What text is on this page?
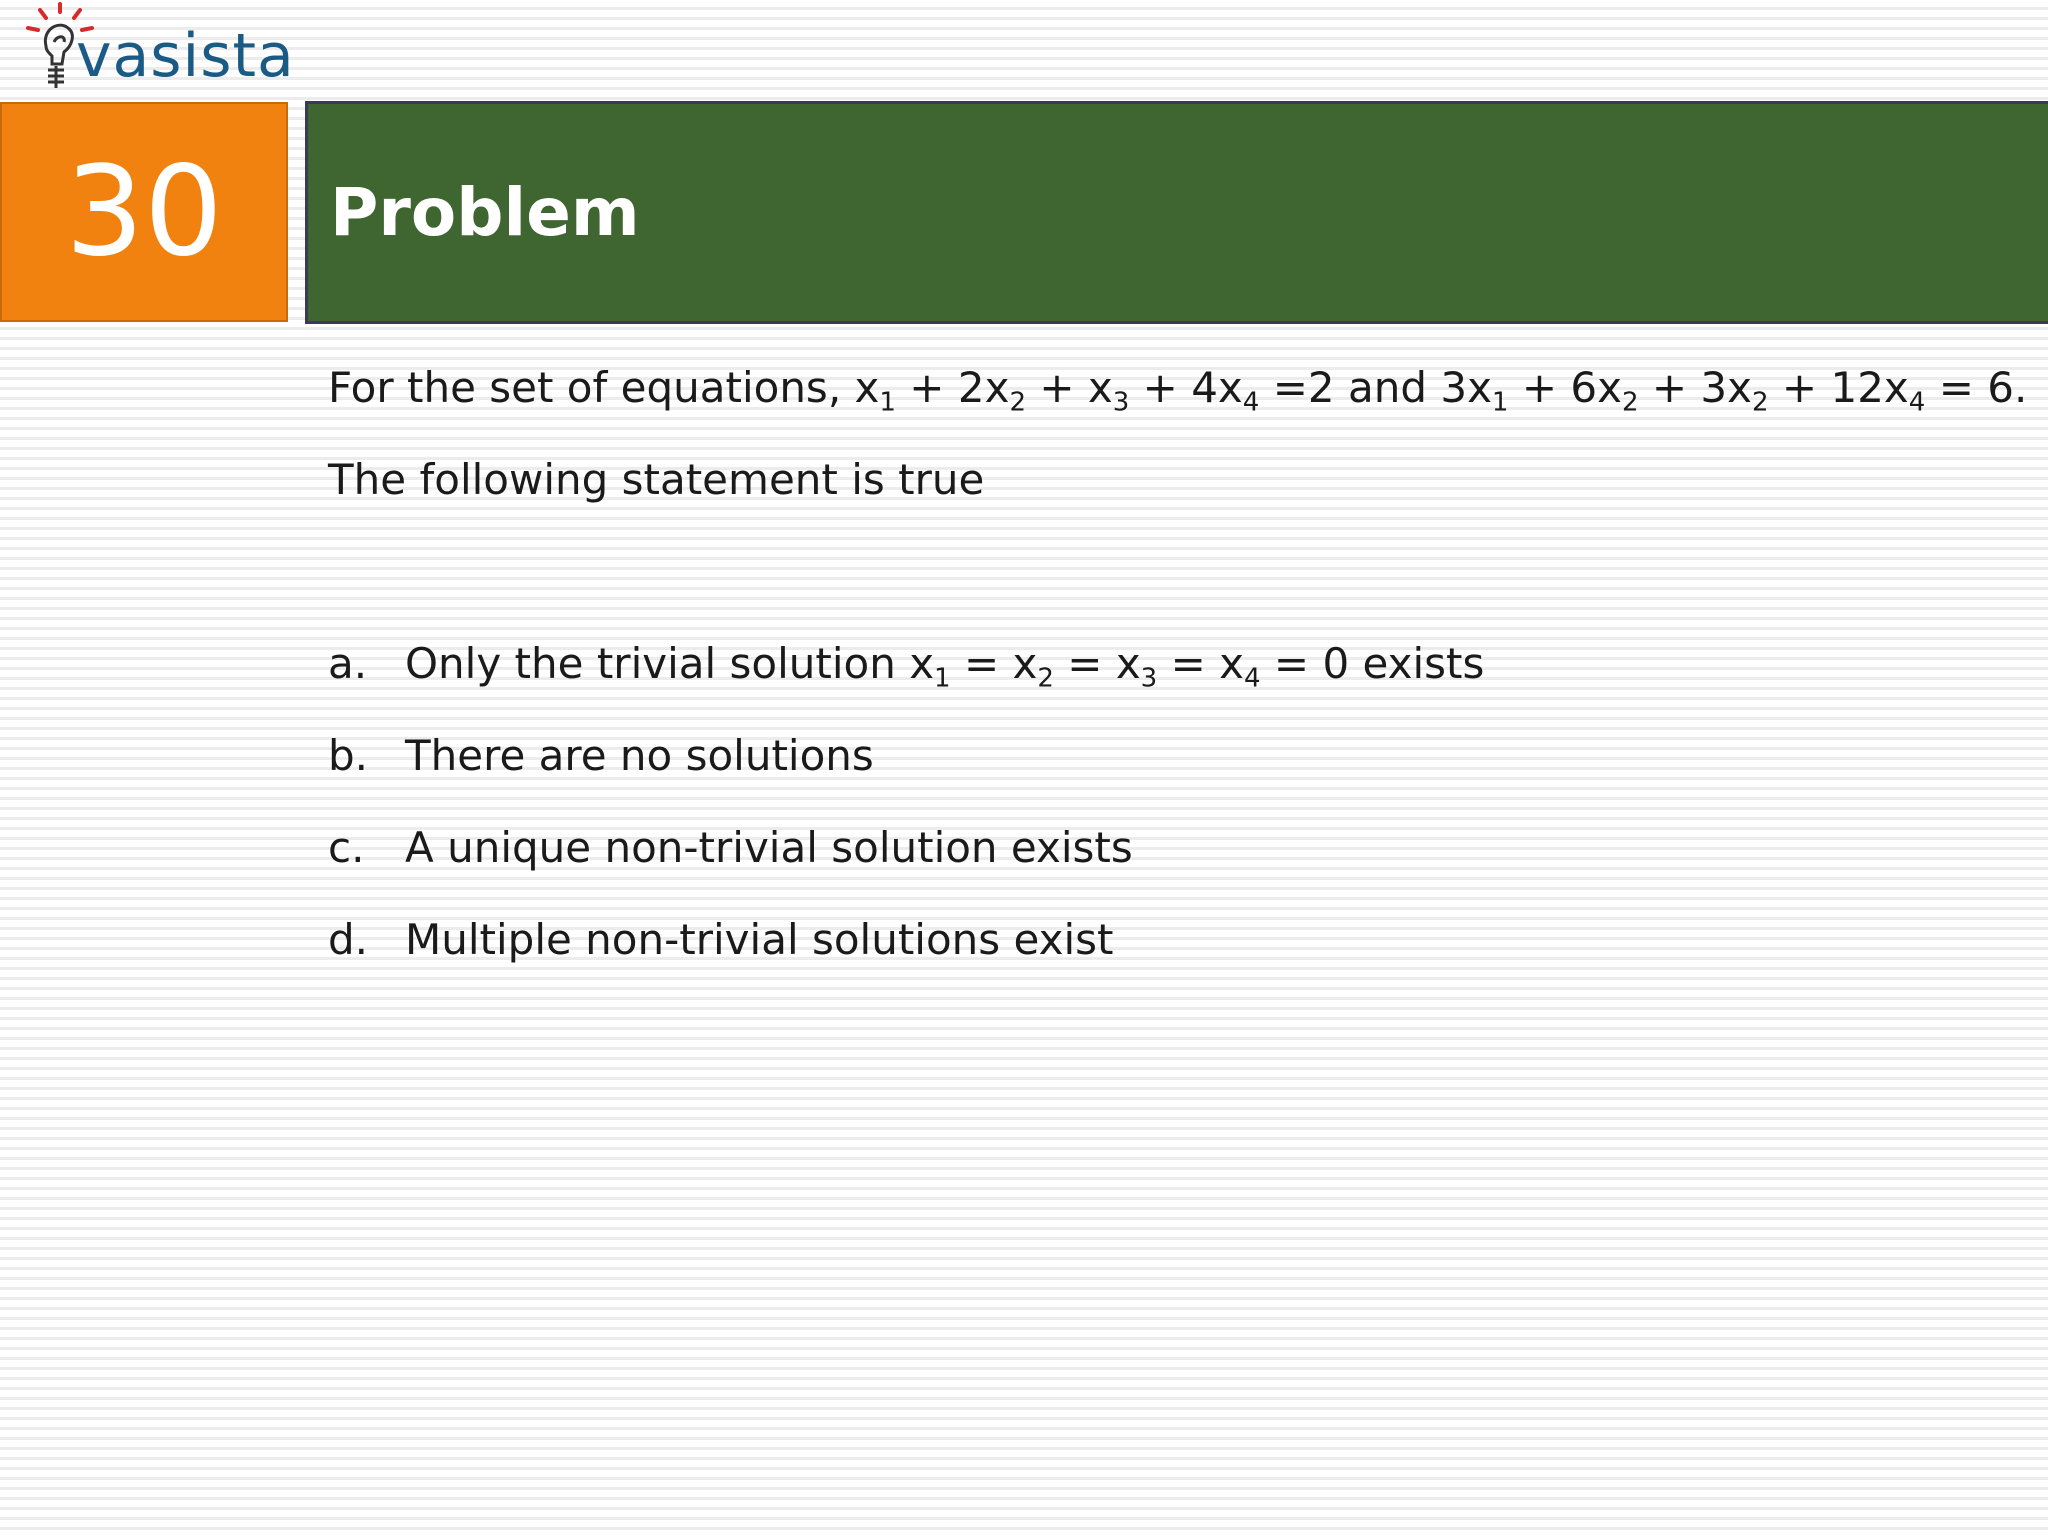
vasista
30 Problem
For the set of equations, $x_1 + 2x_2 + x_3 + 4x_4 =2$ and $3x_1 + 6x_2 + 3x_2 + 12x_4 = 6$.
The following statement is true
a. Only the trivial solution $x_1 = x_2 = x_3 = x_4 = 0$ exists
b. There are no solutions
c. A unique non-trivial solution exists
d. Multiple non-trivial solutions exist
